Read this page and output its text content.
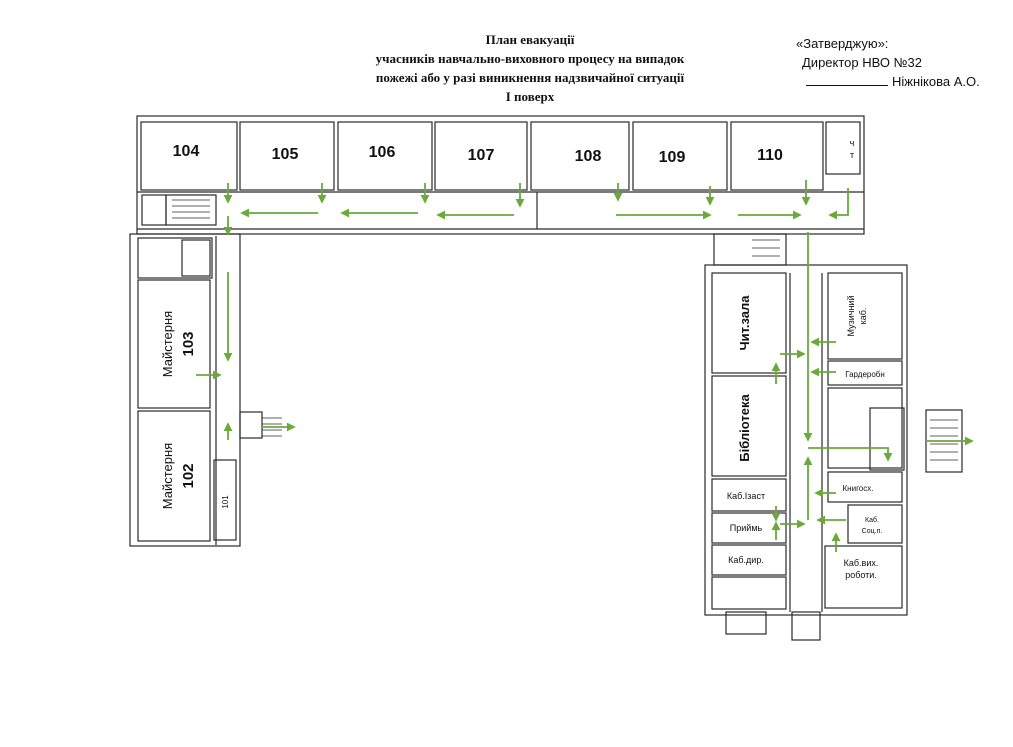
План евакуації
учасників навчально-виховного процесу на випадок
пожежі або у разі виникнення надзвичайної ситуації
І поверх
«Затверджую»:
Директор НВО №32
Ніжнікова А.О.
104	105	106	107	108	109	110
ч
т
Майстерня 103
Майстерня 102
101
Чит.зала
Бібліотека
Музичний каб.
Гардеробн
Книгосх.
Каб.Ізаст
Приймь
Каб.дир.
Каб.
Соц.п.
Каб.вих.
роботи.
